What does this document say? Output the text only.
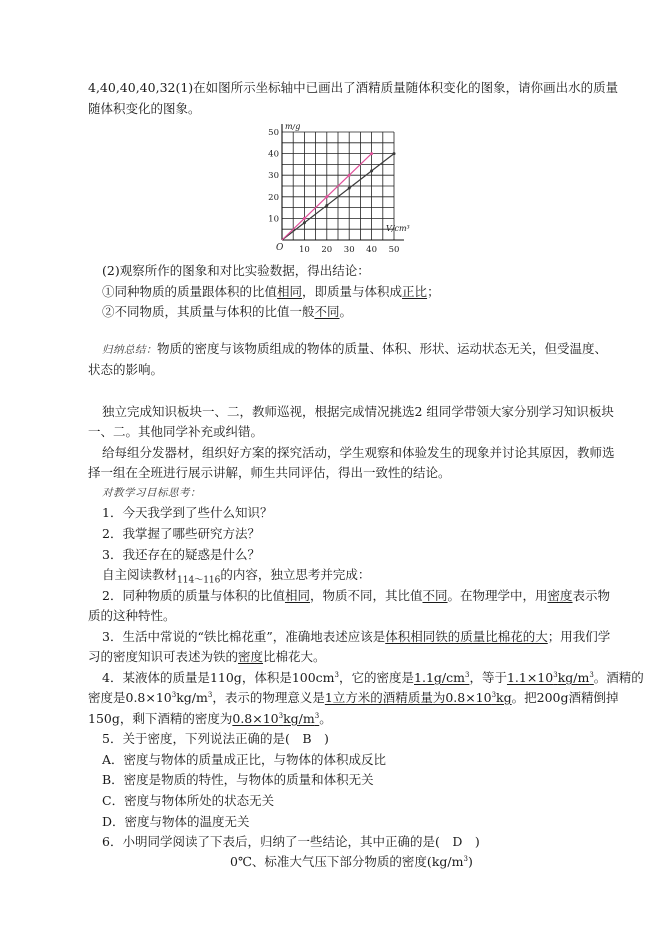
4,40,40,40,32(1)在如图所示坐标轴中已画出了酒精质量随体积变化的图象，请你画出水的质量
随体积变化的图象。
10 20 30 40 50
10
20
30
40
50
O
m/g
V/cm³
(2)观察所作的图象和对比实验数据，得出结论：
①同种物质的质量跟体积的比值相同，即质量与体积成正比；
②不同物质，其质量与体积的比值一般不同。
归纳总结：物质的密度与该物质组成的物体的质量、体积、形状、运动状态无关，但受温度、
状态的影响。
独立完成知识板块一、二，教师巡视，根据完成情况挑选2 组同学带领大家分别学习知识板块
一、二。其他同学补充或纠错。
给每组分发器材，组织好方案的探究活动，学生观察和体验发生的现象并讨论其原因，教师选
择一组在全班进行展示讲解，师生共同评估，得出一致性的结论。
对教学习目标思考：
1．今天我学到了些什么知识？
2．我掌握了哪些研究方法？
3．我还存在的疑惑是什么？
自主阅读教材$_{114\sim 116}$的内容，独立思考并完成：
2．同种物质的质量与体积的比值相同，物质不同，其比值不同。在物理学中，用密度表示物
质的这种特性。
3．生活中常说的“铁比棉花重”，准确地表述应该是体积相同铁的质量比棉花的大；用我们学
习的密度知识可表述为铁的密度比棉花大。
4．某液体的质量是110g，体积是$100cm^3$，它的密度是$1.1g/cm^3$，等于$1.1\times 10^3kg/m^3$。酒精的
密度是$0.8\times 10^3kg/m^3$，表示的物理意义是1立方米的酒精质量为$0.8\times 10^3kg$。把200g酒精倒掉
150g，剩下酒精的密度为$0.8\times 10^3kg/m^3$。
5．关于密度，下列说法正确的是(　B　)
A．密度与物体的质量成正比，与物体的体积成反比
B．密度是物质的特性，与物体的质量和体积无关
C．密度与物体所处的状态无关
D．密度与物体的温度无关
6．小明同学阅读了下表后，归纳了一些结论，其中正确的是(　D　)
0℃、标准大气压下部分物质的密度$(kg/m^3)$
